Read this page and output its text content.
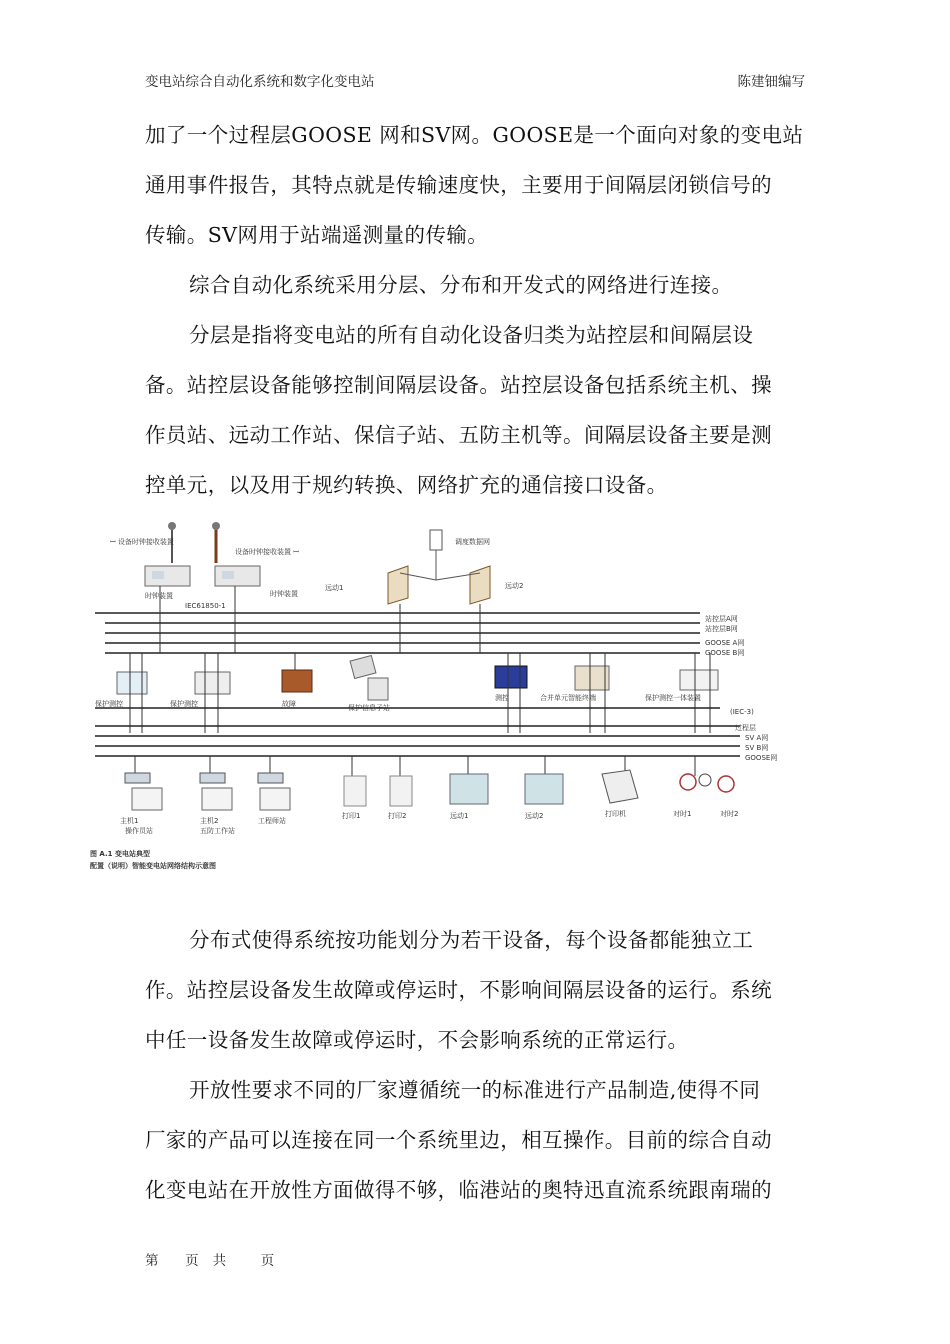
变电站综合自动化系统和数字化变电站	陈建钿编写

加了一个过程层GOOSE 网和SV网。GOOSE是一个面向对象的变电站
通用事件报告，其特点就是传输速度快，主要用于间隔层闭锁信号的
传输。SV网用于站端遥测量的传输。

综合自动化系统采用分层、分布和开发式的网络进行连接。

分层是指将变电站的所有自动化设备归类为站控层和间隔层设
备。站控层设备能够控制间隔层设备。站控层设备包括系统主机、操
作员站、远动工作站、保信子站、五防主机等。间隔层设备主要是测
控单元，以及用于规约转换、网络扩充的通信接口设备。

ꟷ 设备时钟接收装置
设备时钟接收装置 ꟷ
时钟装置
IEC61850-1
时钟装置
调度数据网
远动1	远动2
站控层A网
站控层B网
GOOSE A网
GOOSE B网
保护测控	保护测控	故障	保护信息子站
测控	合并单元智能终端	保护测控一体装置
(IEC-3)
过程层
SV A网
SV B网
GOOSE网
主机1
操作员站
主机2
五防工作站
工程师站
打印1	打印2	远动1	远动2	打印机	对时1	对时2
图 A.1 变电站典型
配置（说明）智能变电站网络结构示意图

分布式使得系统按功能划分为若干设备，每个设备都能独立工
作。站控层设备发生故障或停运时，不影响间隔层设备的运行。系统
中任一设备发生故障或停运时，不会影响系统的正常运行。

开放性要求不同的厂家遵循统一的标准进行产品制造,使得不同
厂家的产品可以连接在同一个系统里边，相互操作。目前的综合自动
化变电站在开放性方面做得不够，临港站的奥特迅直流系统跟南瑞的

第 页共 页
